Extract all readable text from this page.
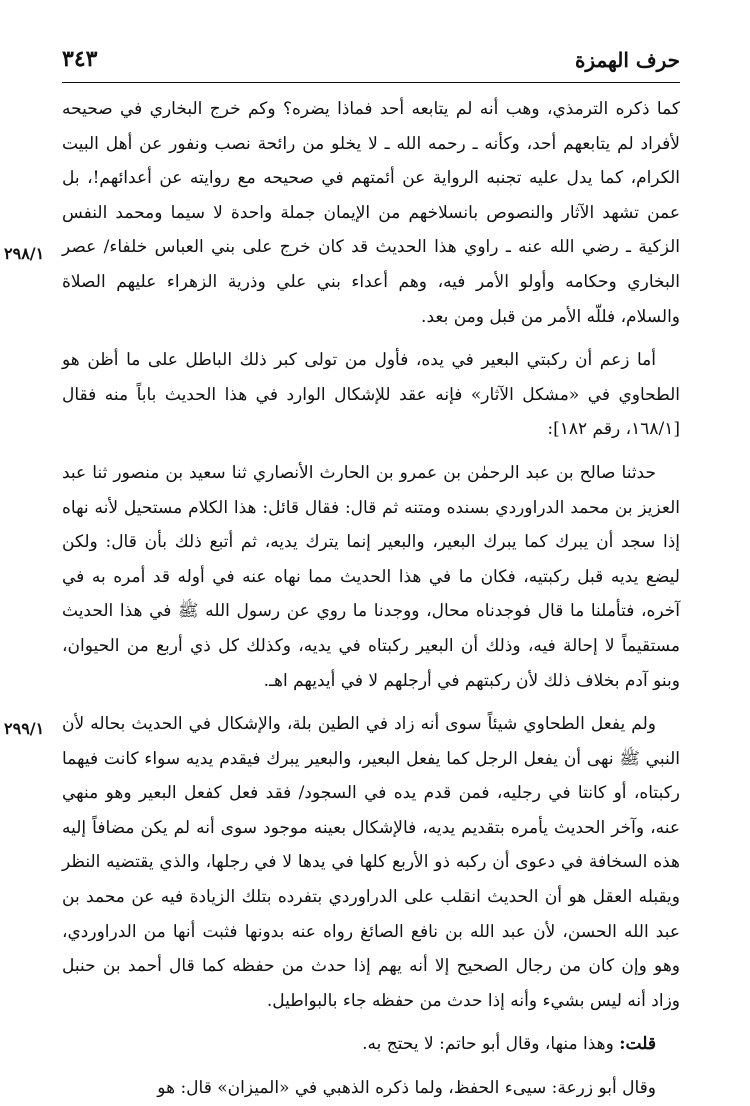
حرف الهمزة
٣٤٣
٢٩٨/١
٢٩٩/١

كما ذكره الترمذي، وهب أنه لم يتابعه أحد فماذا يضره؟ وكم خرج البخاري في صحيحه لأفراد لم يتابعهم أحد، وكأنه ـ رحمه الله ـ لا يخلو من رائحة نصب ونفور عن أهل البيت الكرام، كما يدل عليه تجنبه الرواية عن أئمتهم في صحيحه مع روايته عن أعدائهم!، بل عمن تشهد الآثار والنصوص بانسلاخهم من الإيمان جملة واحدة لا سيما ومحمد النفس الزكية ـ رضي الله عنه ـ راوي هذا الحديث قد كان خرج على بني العباس خلفاء/ عصر البخاري وحكامه وأولو الأمر فيه، وهم أعداء بني علي وذرية الزهراء عليهم الصلاة والسلام، فللّه الأمر من قبل ومن بعد.

أما زعم أن ركبتي البعير في يده، فأول من تولى كبر ذلك الباطل على ما أظن هو الطحاوي في «مشكل الآثار» فإنه عقد للإشكال الوارد في هذا الحديث باباً منه فقال [١٦٨/١، رقم ١٨٢]:

حدثنا صالح بن عبد الرحمٰن بن عمرو بن الحارث الأنصاري ثنا سعيد بن منصور ثنا عبد العزيز بن محمد الدراوردي بسنده ومتنه ثم قال: فقال قائل: هذا الكلام مستحيل لأنه نهاه إذا سجد أن يبرك كما يبرك البعير، والبعير إنما يترك يديه، ثم أتبع ذلك بأن قال: ولكن ليضع يديه قبل ركبتيه، فكان ما في هذا الحديث مما نهاه عنه في أوله قد أمره به في آخره، فتأملنا ما قال فوجدناه محال، ووجدنا ما روي عن رسول الله ﷺ في هذا الحديث مستقيماً لا إحالة فيه، وذلك أن البعير ركبتاه في يديه، وكذلك كل ذي أربع من الحيوان، وبنو آدم بخلاف ذلك لأن ركبتهم في أرجلهم لا في أيديهم اهـ.

ولم يفعل الطحاوي شيئاً سوى أنه زاد في الطين بلة، والإشكال في الحديث بحاله لأن النبي ﷺ نهى أن يفعل الرجل كما يفعل البعير، والبعير يبرك فيقدم يديه سواء كانت فيهما ركبتاه، أو كانتا في رجليه، فمن قدم يده في السجود/ فقد فعل كفعل البعير وهو منهي عنه، وآخر الحديث يأمره بتقديم يديه، فالإشكال بعينه موجود سوى أنه لم يكن مضافاً إليه هذه السخافة في دعوى أن ركبه ذو الأربع كلها في يدها لا في رجلها، والذي يقتضيه النظر ويقبله العقل هو أن الحديث انقلب على الدراوردي بتفرده بتلك الزيادة فيه عن محمد بن عبد الله الحسن، لأن عبد الله بن نافع الصائغ رواه عنه بدونها فثبت أنها من الدراوردي، وهو وإن كان من رجال الصحيح إلا أنه يهم إذا حدث من حفظه كما قال أحمد بن حنبل وزاد أنه ليس بشيء وأنه إذا حدث من حفظه جاء بالبواطيل.

قلت: وهذا منها، وقال أبو حاتم: لا يحتج به.

وقال أبو زرعة: سيىء الحفظ، ولما ذكره الذهبي في «الميزان» قال: هو
